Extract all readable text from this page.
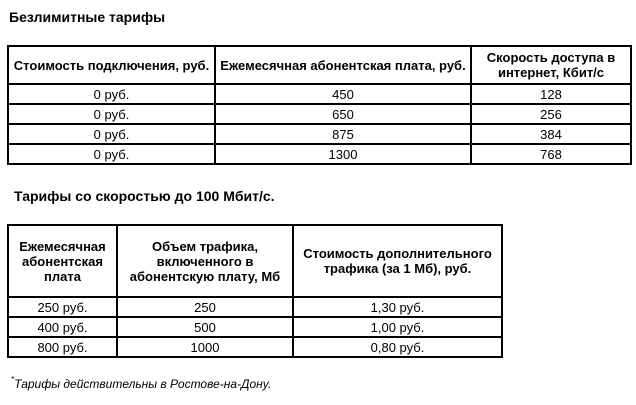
Безлимитные тарифы
Стоимость подключения, руб.	Ежемесячная абонентская плата, руб.	Скорость доступа в интернет, Кбит/с
0 руб.	450	128
0 руб.	650	256
0 руб.	875	384
0 руб.	1300	768
Тарифы со скоростью до 100 Мбит/с.
Ежемесячная абонентская плата	Объем трафика, включенного в абонентскую плату, Мб	Стоимость дополнительного трафика (за 1 Мб), руб.
250 руб.	250	1,30 руб.
400 руб.	500	1,00 руб.
800 руб.	1000	0,80 руб.
*Тарифы действительны в Ростове-на-Дону.
